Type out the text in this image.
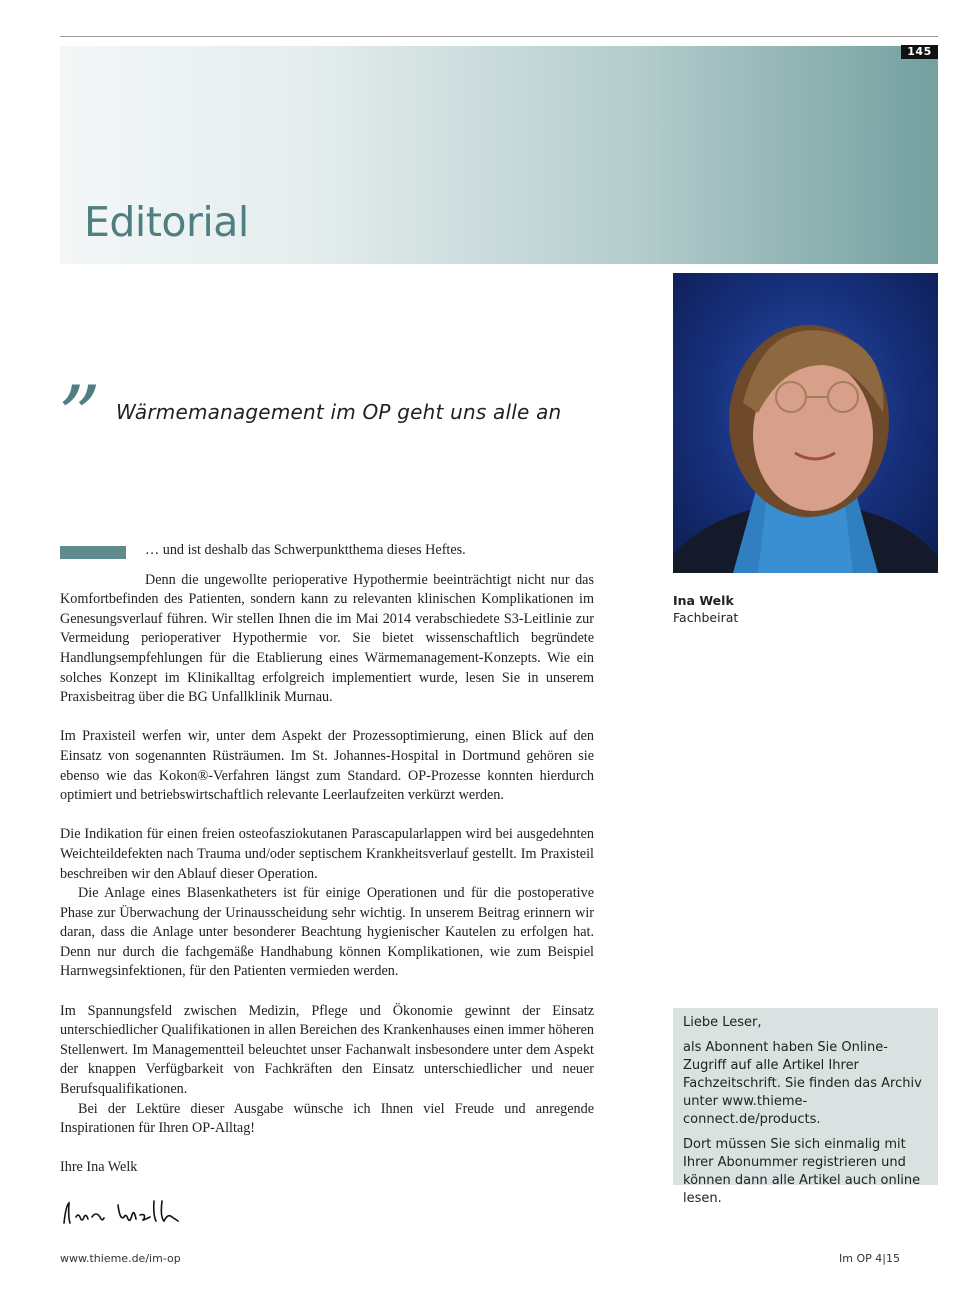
145
Editorial
Ina Welk
Fachbeirat
” Wärmemanagement im OP geht uns alle an

… und ist deshalb das Schwerpunktthema dieses Heftes.

Denn die ungewollte perioperative Hypothermie beeinträchtigt nicht nur das Komfortbefinden des Patienten, sondern kann zu relevanten klinischen Komplikationen im Genesungsverlauf führen. Wir stellen Ihnen die im Mai 2014 verabschiedete S3-Leitlinie zur Vermeidung perioperativer Hypothermie vor. Sie bietet wissenschaftlich begründete Handlungsempfehlungen für die Etablierung eines Wärmemanagement-Konzepts. Wie ein solches Konzept im Klinikalltag erfolgreich implementiert wurde, lesen Sie in unserem Praxisbeitrag über die BG Unfallklinik Murnau.

Im Praxisteil werfen wir, unter dem Aspekt der Prozessoptimierung, einen Blick auf den Einsatz von sogenannten Rüsträumen. Im St. Johannes-Hospital in Dortmund gehören sie ebenso wie das Kokon®-Verfahren längst zum Standard. OP-Prozesse konnten hierdurch optimiert und betriebswirtschaftlich relevante Leerlaufzeiten verkürzt werden.

Die Indikation für einen freien osteofasziokutanen Parascapularlappen wird bei ausgedehnten Weichteildefekten nach Trauma und/oder septischem Krankheitsverlauf gestellt. Im Praxisteil beschreiben wir den Ablauf dieser Operation.

Die Anlage eines Blasenkatheters ist für einige Operationen und für die postoperative Phase zur Überwachung der Urinausscheidung sehr wichtig. In unserem Beitrag erinnern wir daran, dass die Anlage unter besonderer Beachtung hygienischer Kautelen zu erfolgen hat. Denn nur durch die fachgemäße Handhabung können Komplikationen, wie zum Beispiel Harnwegsinfektionen, für den Patienten vermieden werden.

Im Spannungsfeld zwischen Medizin, Pflege und Ökonomie gewinnt der Einsatz unterschiedlicher Qualifikationen in allen Bereichen des Krankenhauses einen immer höheren Stellenwert. Im Managementteil beleuchtet unser Fachanwalt insbesondere unter dem Aspekt der knappen Verfügbarkeit von Fachkräften den Einsatz unterschiedlicher und neuer Berufsqualifikationen.

Bei der Lektüre dieser Ausgabe wünsche ich Ihnen viel Freude und anregende Inspirationen für Ihren OP-Alltag!

Ihre Ina Welk

Liebe Leser,

als Abonnent haben Sie Online-Zugriff auf alle Artikel Ihrer Fachzeitschrift. Sie finden das Archiv unter www.thieme-connect.de/products.

Dort müssen Sie sich einmalig mit Ihrer Abonummer registrieren und können dann alle Artikel auch online lesen.

www.thieme.de/im-op	Im OP 4|15
